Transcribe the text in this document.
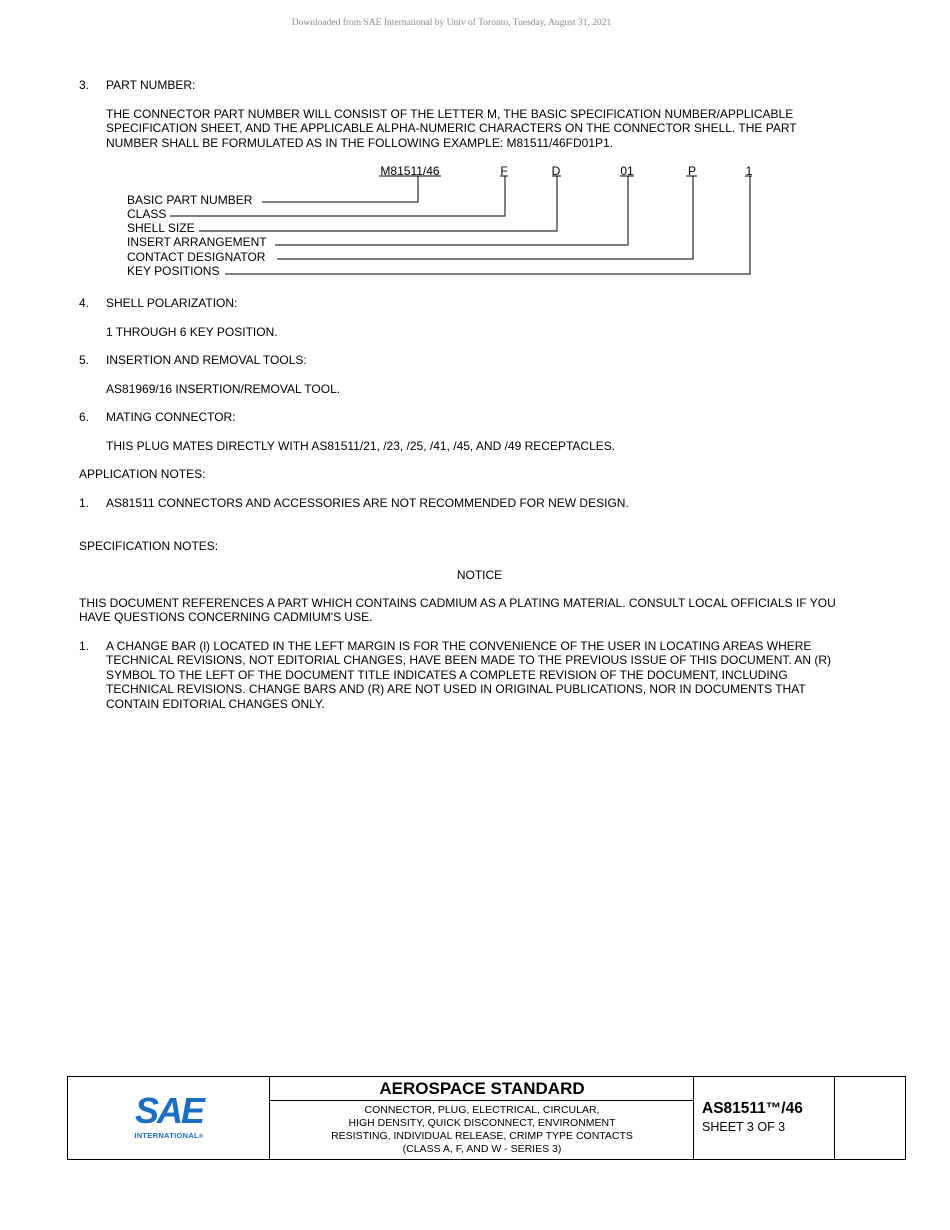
Downloaded from SAE International by Univ of Toronto, Tuesday, August 31, 2021
3. PART NUMBER:
THE CONNECTOR PART NUMBER WILL CONSIST OF THE LETTER M, THE BASIC SPECIFICATION NUMBER/APPLICABLE
SPECIFICATION SHEET, AND THE APPLICABLE ALPHA-NUMERIC CHARACTERS ON THE CONNECTOR SHELL. THE PART
NUMBER SHALL BE FORMULATED AS IN THE FOLLOWING EXAMPLE: M81511/46FD01P1.
M81511/46	F	D	01	P	1
BASIC PART NUMBER
CLASS
SHELL SIZE
INSERT ARRANGEMENT
CONTACT DESIGNATOR
KEY POSITIONS
4. SHELL POLARIZATION:
1 THROUGH 6 KEY POSITION.
5. INSERTION AND REMOVAL TOOLS:
AS81969/16 INSERTION/REMOVAL TOOL.
6. MATING CONNECTOR:
THIS PLUG MATES DIRECTLY WITH AS81511/21, /23, /25, /41, /45, AND /49 RECEPTACLES.
APPLICATION NOTES:
1. AS81511 CONNECTORS AND ACCESSORIES ARE NOT RECOMMENDED FOR NEW DESIGN.
SPECIFICATION NOTES:
NOTICE
THIS DOCUMENT REFERENCES A PART WHICH CONTAINS CADMIUM AS A PLATING MATERIAL. CONSULT LOCAL OFFICIALS IF YOU
HAVE QUESTIONS CONCERNING CADMIUM'S USE.
1. A CHANGE BAR (l) LOCATED IN THE LEFT MARGIN IS FOR THE CONVENIENCE OF THE USER IN LOCATING AREAS WHERE
TECHNICAL REVISIONS, NOT EDITORIAL CHANGES, HAVE BEEN MADE TO THE PREVIOUS ISSUE OF THIS DOCUMENT. AN (R)
SYMBOL TO THE LEFT OF THE DOCUMENT TITLE INDICATES A COMPLETE REVISION OF THE DOCUMENT, INCLUDING
TECHNICAL REVISIONS. CHANGE BARS AND (R) ARE NOT USED IN ORIGINAL PUBLICATIONS, NOR IN DOCUMENTS THAT
CONTAIN EDITORIAL CHANGES ONLY.
SAE
INTERNATIONAL®
AEROSPACE STANDARD
CONNECTOR, PLUG, ELECTRICAL, CIRCULAR,
HIGH DENSITY, QUICK DISCONNECT, ENVIRONMENT
RESISTING, INDIVIDUAL RELEASE, CRIMP TYPE CONTACTS
(CLASS A, F, AND W - SERIES 3)
AS81511™/46
SHEET 3 OF 3
